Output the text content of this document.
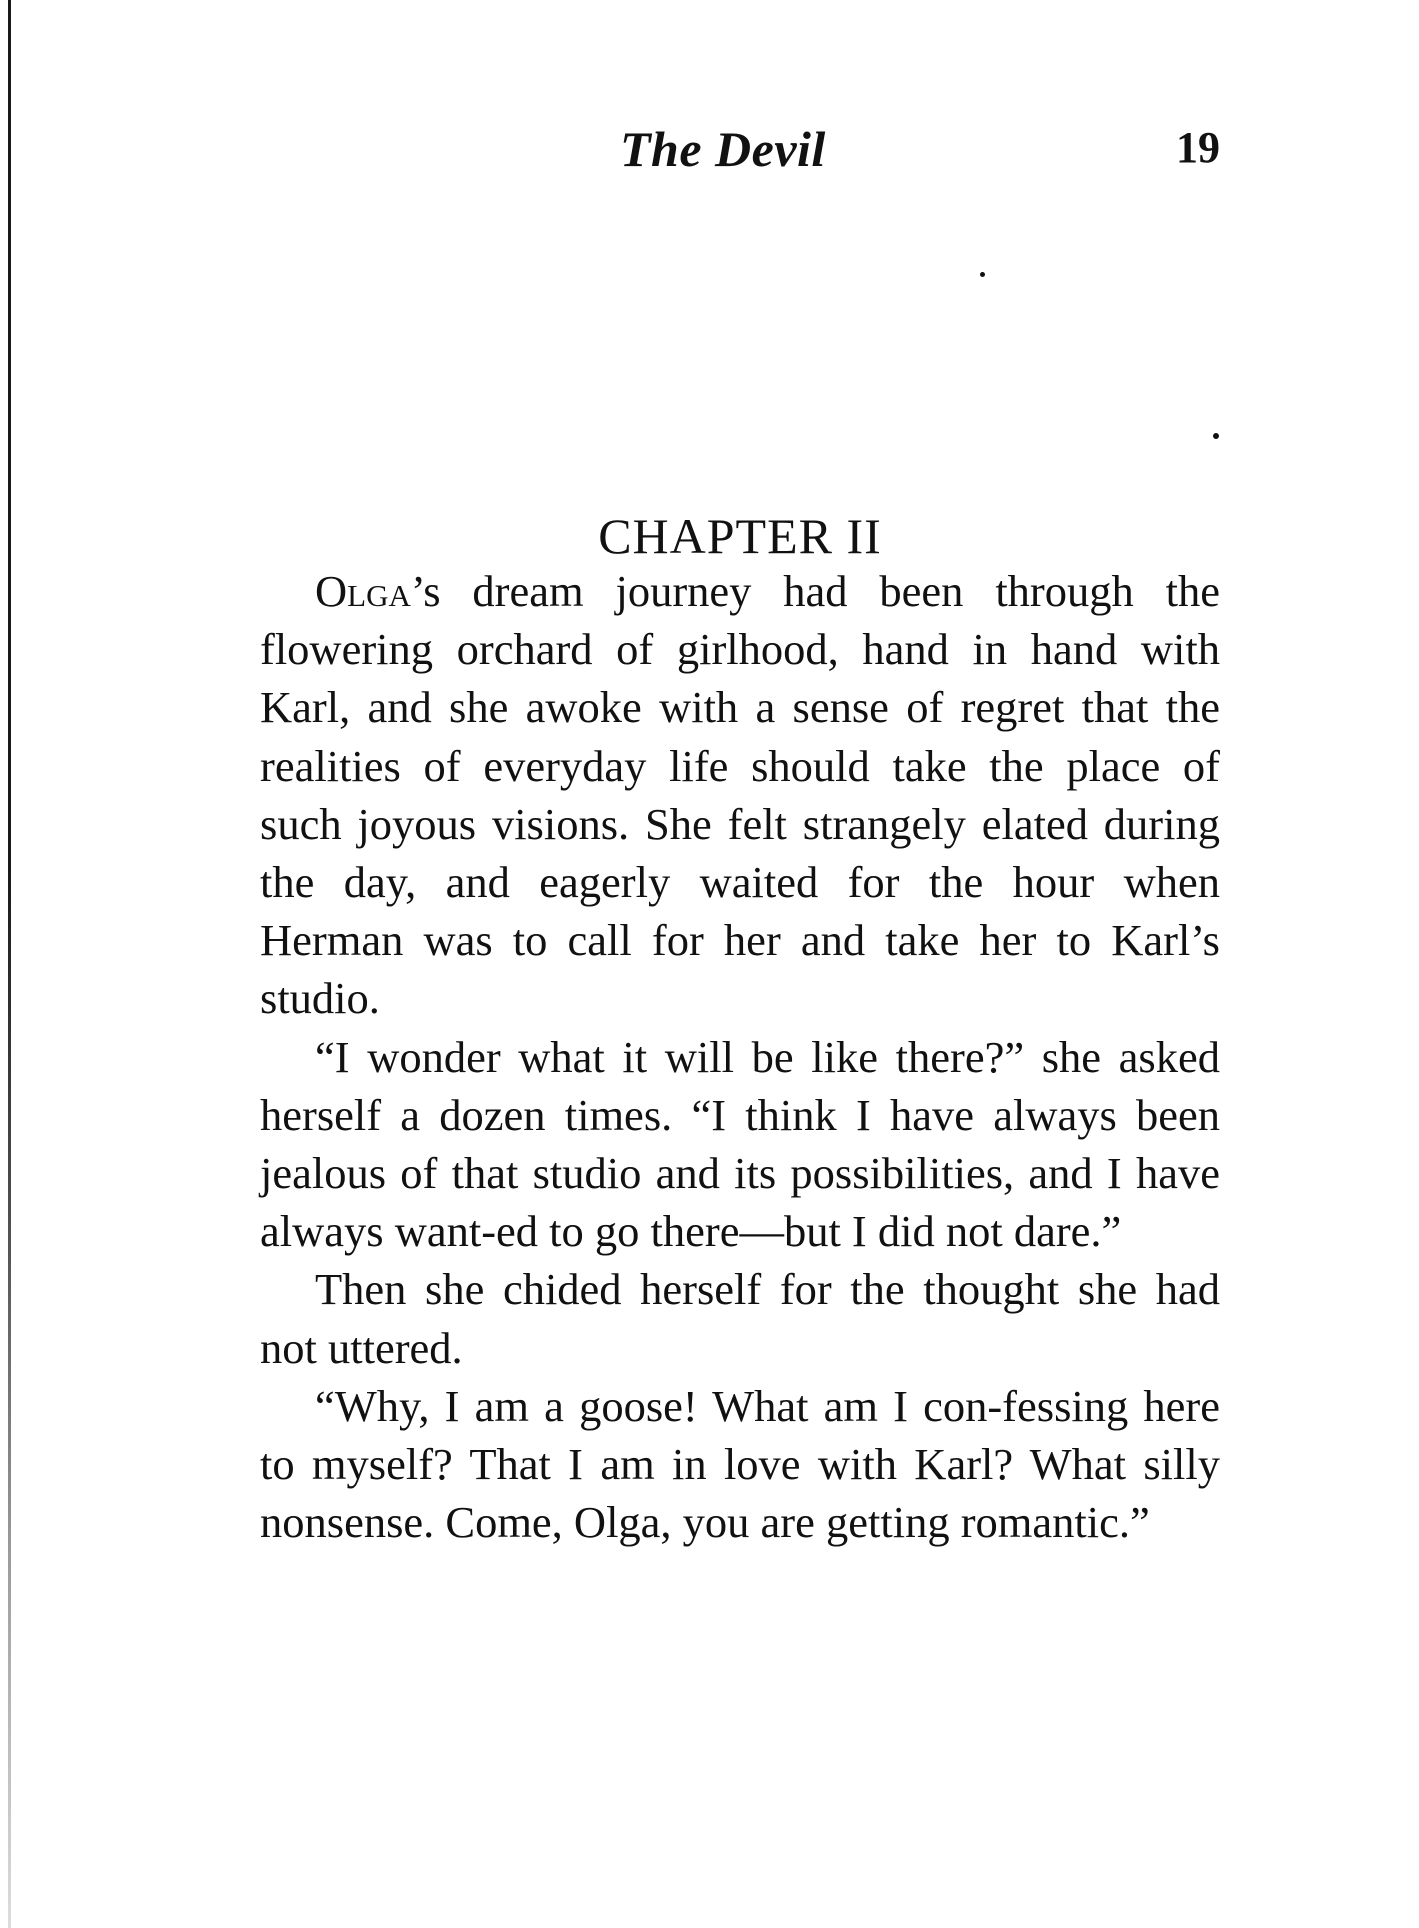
The Devil	19
CHAPTER II

Olga’s dream journey had been through the flowering orchard of girlhood, hand in hand with Karl, and she awoke with a sense of regret that the realities of everyday life should take the place of such joyous visions. She felt strangely elated during the day, and eagerly waited for the hour when Herman was to call for her and take her to Karl’s studio.

“I wonder what it will be like there?” she asked herself a dozen times. “I think I have always been jealous of that studio and its possibilities, and I have always want-ed to go there—but I did not dare.”

Then she chided herself for the thought she had not uttered.

“Why, I am a goose! What am I con-fessing here to myself? That I am in love with Karl? What silly nonsense. Come, Olga, you are getting romantic.”
